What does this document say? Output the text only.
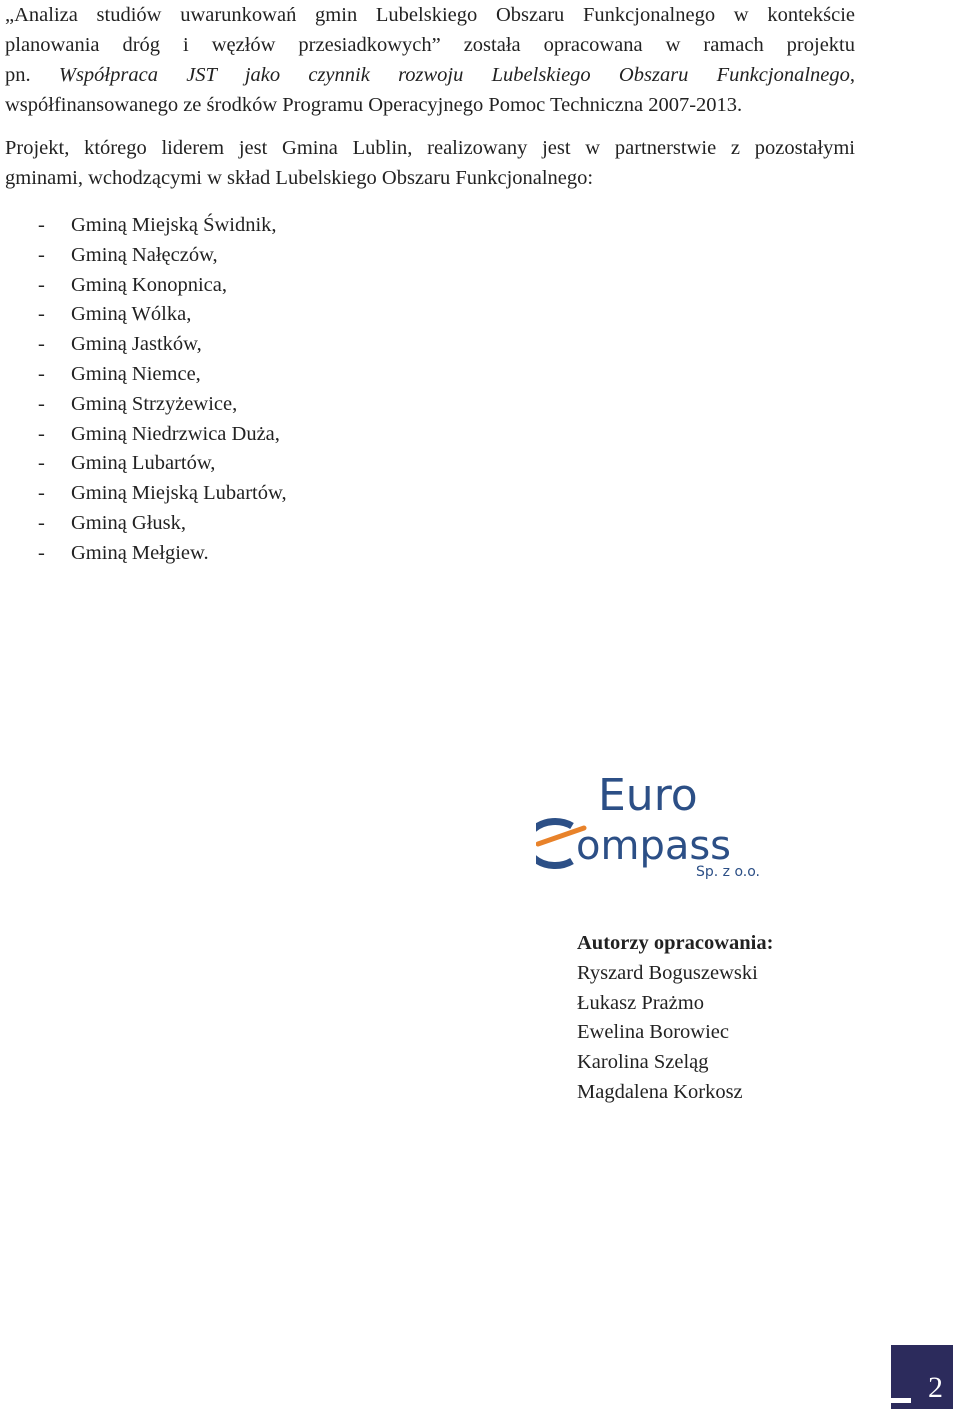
„Analiza studiów uwarunkowań gmin Lubelskiego Obszaru Funkcjonalnego w kontekście
planowania dróg i węzłów przesiadkowych” została opracowana w ramach projektu
pn. Współpraca JST jako czynnik rozwoju Lubelskiego Obszaru Funkcjonalnego,
współfinansowanego ze środków Programu Operacyjnego Pomoc Techniczna 2007-2013.
Projekt, którego liderem jest Gmina Lublin, realizowany jest w partnerstwie z pozostałymi
gminami, wchodzącymi w skład Lubelskiego Obszaru Funkcjonalnego:
- Gminą Miejską Świdnik,
- Gminą Nałęczów,
- Gminą Konopnica,
- Gminą Wólka,
- Gminą Jastków,
- Gminą Niemce,
- Gminą Strzyżewice,
- Gminą Niedrzwica Duża,
- Gminą Lubartów,
- Gminą Miejską Lubartów,
- Gminą Głusk,
- Gminą Mełgiew.
Euro
ompass
Sp. z o.o.
Autorzy opracowania:
Ryszard Boguszewski
Łukasz Prażmo
Ewelina Borowiec
Karolina Szeląg
Magdalena Korkosz
2
